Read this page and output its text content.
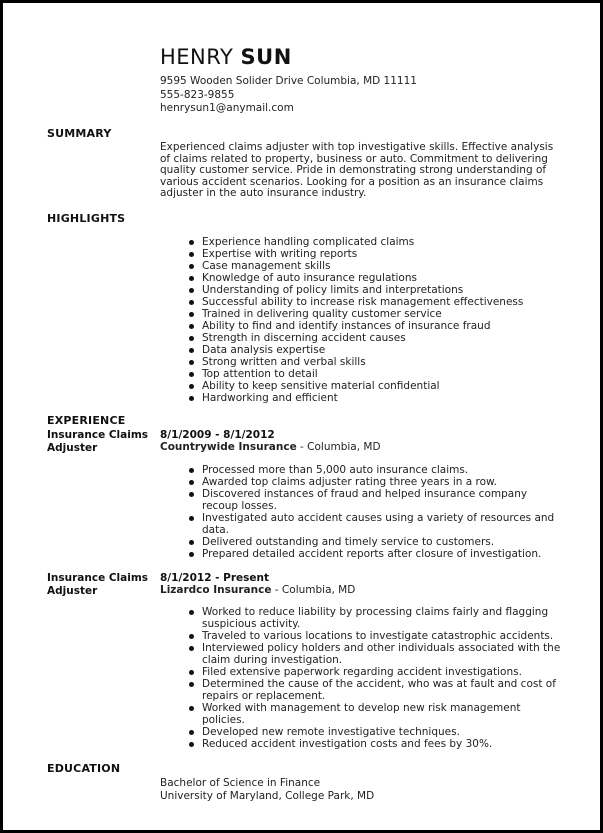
HENRY SUN
9595 Wooden Solider Drive Columbia, MD 11111
555-823-9855
henrysun1@anymail.com
SUMMARY
Experienced claims adjuster with top investigative skills. Effective analysis of claims related to property, business or auto. Commitment to delivering quality customer service. Pride in demonstrating strong understanding of various accident scenarios. Looking for a position as an insurance claims adjuster in the auto insurance industry.
HIGHLIGHTS
Experience handling complicated claims
Expertise with writing reports
Case management skills
Knowledge of auto insurance regulations
Understanding of policy limits and interpretations
Successful ability to increase risk management effectiveness
Trained in delivering quality customer service
Ability to find and identify instances of insurance fraud
Strength in discerning accident causes
Data analysis expertise
Strong written and verbal skills
Top attention to detail
Ability to keep sensitive material confidential
Hardworking and efficient
EXPERIENCE
Insurance Claims Adjuster
8/1/2009 - 8/1/2012
Countrywide Insurance - Columbia, MD
Processed more than 5,000 auto insurance claims.
Awarded top claims adjuster rating three years in a row.
Discovered instances of fraud and helped insurance company recoup losses.
Investigated auto accident causes using a variety of resources and data.
Delivered outstanding and timely service to customers.
Prepared detailed accident reports after closure of investigation.
Insurance Claims Adjuster
8/1/2012 - Present
Lizardco Insurance - Columbia, MD
Worked to reduce liability by processing claims fairly and flagging suspicious activity.
Traveled to various locations to investigate catastrophic accidents.
Interviewed policy holders and other individuals associated with the claim during investigation.
Filed extensive paperwork regarding accident investigations.
Determined the cause of the accident, who was at fault and cost of repairs or replacement.
Worked with management to develop new risk management policies.
Developed new remote investigative techniques.
Reduced accident investigation costs and fees by 30%.
EDUCATION
Bachelor of Science in Finance
University of Maryland, College Park, MD
